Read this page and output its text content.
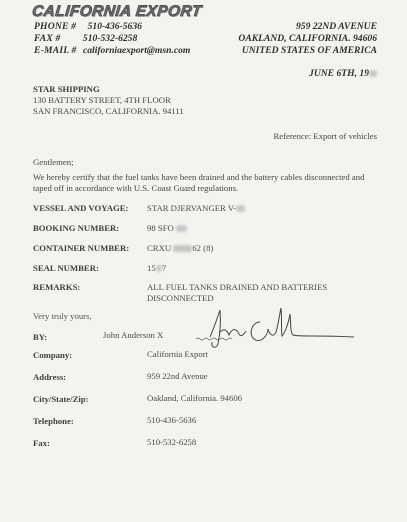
CALIFORNIA EXPORT
PHONE # 510-436-5636
FAX # 510-532-6258
E-MAIL # californiaexport@msn.com
959 22ND AVENUE
OAKLAND, CALIFORNIA. 94606
UNITED STATES OF AMERICA
JUNE 6TH, 19
STAR SHIPPING
130 BATTERY STREET, 4TH FLOOR
SAN FRANCISCO, CALIFORNIA. 94111
Reference: Export of vehicles
Gentlemen;
We hereby certify that the fuel tanks have been drained and the battery cables disconnected and
taped off in accordance with U.S. Coast Guard regulations.
VESSEL AND VOYAGE: STAR DJERVANGER V-
BOOKING NUMBER:	98 SFO
CONTAINER NUMBER: CRXU 62 (8)
SEAL NUMBER:	15 7
REMARKS:	ALL FUEL TANKS DRAINED AND BATTERIES
DISCONNECTED
Very truly yours,
BY:	John Anderson X
Company:	California Export
Address:	959 22nd Avenue
City/State/Zip:	Oakland, California. 94606
Telephone:	510-436-5636
Fax:	510-532-6258
